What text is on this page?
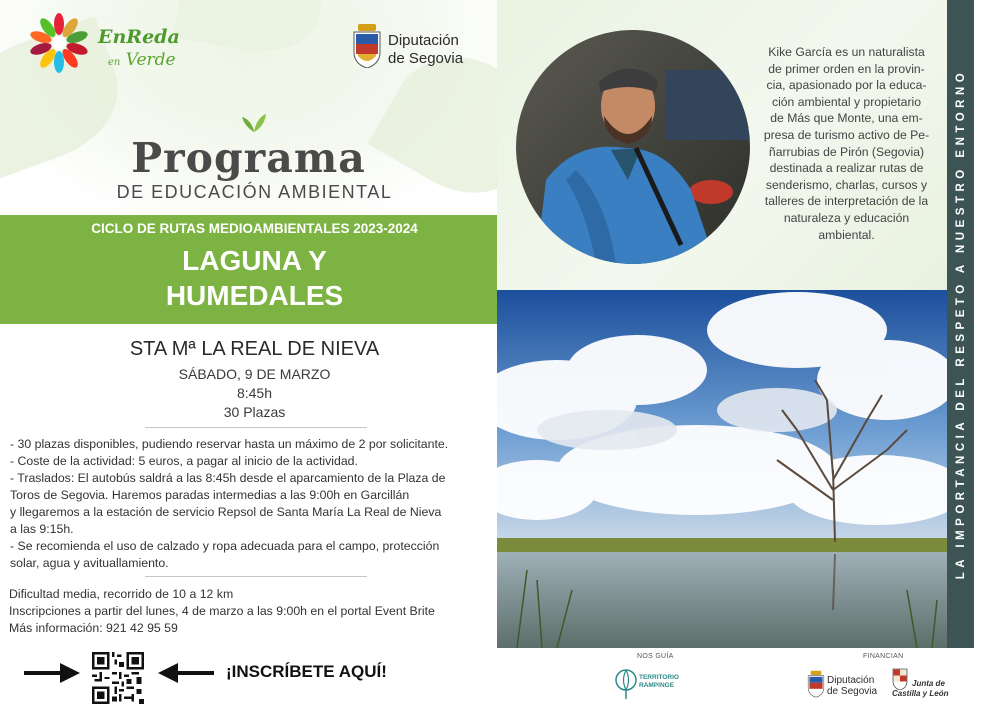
EnReda
en Verde
Diputación
de Segovia
Programa
DE EDUCACIÓN AMBIENTAL
CICLO DE RUTAS MEDIOAMBIENTALES 2023-2024
LAGUNA Y
HUMEDALES
STA Mª LA REAL DE NIEVA
SÁBADO, 9 DE MARZO
8:45h
30 Plazas
- 30 plazas disponibles, pudiendo reservar hasta un máximo de 2 por solicitante.
- Coste de la actividad: 5 euros, a pagar al inicio de la actividad.
- Traslados: El autobús saldrá a las 8:45h desde el aparcamiento de la Plaza de
Toros de Segovia. Haremos paradas intermedias a las 9:00h en Garcillán
y llegaremos a la estación de servicio Repsol de Santa María La Real de Nieva
a las 9:15h.
- Se recomienda el uso de calzado y ropa adecuada para el campo, protección
solar, agua y avituallamiento.
Dificultad media, recorrido de 10 a 12 km
Inscripciones a partir del lunes, 4 de marzo a las 9:00h en el portal Event Brite
Más información: 921 42 95 59
¡INSCRÍBETE AQUÍ!
Kike García es un naturalista
de primer orden en la provin-
cia, apasionado por la educa-
ción ambiental y propietario
de Más que Monte, una em-
presa de turismo activo de Pe-
ñarrubias de Pirón (Segovia)
destinada a realizar rutas de
senderismo, charlas, cursos y
talleres de interpretación de la
naturaleza y educación
ambiental.	LA IMPORTANCIA DEL RESPETO A NUESTRO ENTORNO
NOS GUÍA
TERRITORIO
RAMPINGE
FINANCIAN
Diputación
de Segovia
Junta de
Castilla y León
